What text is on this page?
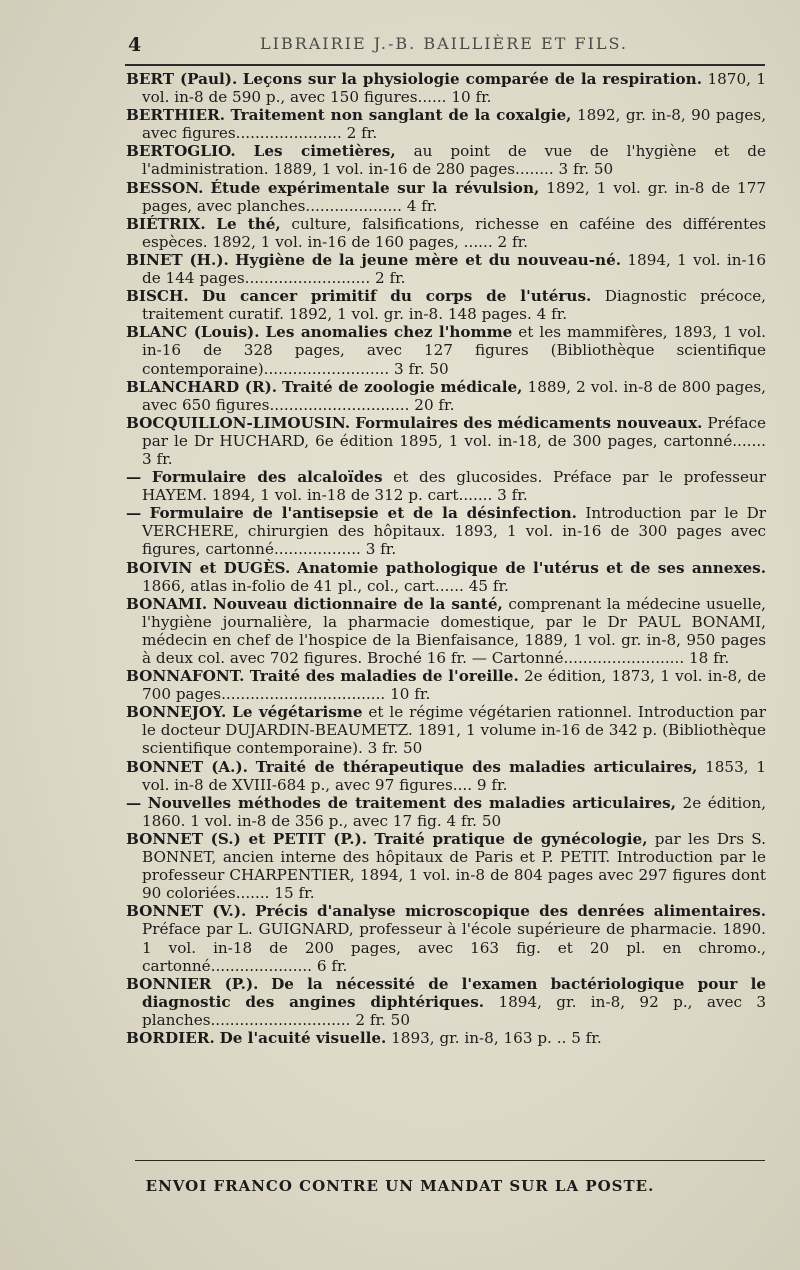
4	LIBRAIRIE J.-B. BAILLIÈRE ET FILS.

BERT (Paul). Leçons sur la physiologie comparée de la respiration. 1870, 1 vol. in-8 de 590 p., avec 150 figures...... 10 fr.

BERTHIER. Traitement non sanglant de la coxalgie, 1892, gr. in-8, 90 pages, avec figures...................... 2 fr.

BERTOGLIO. Les cimetières, au point de vue de l'hygiène et de l'administration. 1889, 1 vol. in-16 de 280 pages........ 3 fr. 50

BESSON. Étude expérimentale sur la révulsion, 1892, 1 vol. gr. in-8 de 177 pages, avec planches.................... 4 fr.

BIÉTRIX. Le thé, culture, falsifications, richesse en caféine des différentes espèces. 1892, 1 vol. in-16 de 160 pages, ...... 2 fr.

BINET (H.). Hygiène de la jeune mère et du nouveau-né. 1894, 1 vol. in-16 de 144 pages.......................... 2 fr.

BISCH. Du cancer primitif du corps de l'utérus. Diagnostic précoce, traitement curatif. 1892, 1 vol. gr. in-8. 148 pages. 4 fr.

BLANC (Louis). Les anomalies chez l'homme et les mammifères, 1893, 1 vol. in-16 de 328 pages, avec 127 figures (Bibliothèque scientifique contemporaine).......................... 3 fr. 50

BLANCHARD (R). Traité de zoologie médicale, 1889, 2 vol. in-8 de 800 pages, avec 650 figures............................. 20 fr.

BOCQUILLON-LIMOUSIN. Formulaires des médicaments nouveaux. Préface par le Dr HUCHARD, 6e édition 1895, 1 vol. in-18, de 300 pages, cartonné....... 3 fr.

— Formulaire des alcaloïdes et des glucosides. Préface par le professeur HAYEM. 1894, 1 vol. in-18 de 312 p. cart....... 3 fr.

— Formulaire de l'antisepsie et de la désinfection. Introduction par le Dr VERCHERE, chirurgien des hôpitaux. 1893, 1 vol. in-16 de 300 pages avec figures, cartonné.................. 3 fr.

BOIVIN et DUGÈS. Anatomie pathologique de l'utérus et de ses annexes. 1866, atlas in-folio de 41 pl., col., cart...... 45 fr.

BONAMI. Nouveau dictionnaire de la santé, comprenant la médecine usuelle, l'hygiène journalière, la pharmacie domestique, par le Dr PAUL BONAMI, médecin en chef de l'hospice de la Bienfaisance, 1889, 1 vol. gr. in-8, 950 pages à deux col. avec 702 figures. Broché 16 fr. — Cartonné......................... 18 fr.

BONNAFONT. Traité des maladies de l'oreille. 2e édition, 1873, 1 vol. in-8, de 700 pages.................................. 10 fr.

BONNEJOY. Le végétarisme et le régime végétarien rationnel. Introduction par le docteur DUJARDIN-BEAUMETZ. 1891, 1 volume in-16 de 342 p. (Bibliothèque scientifique contemporaine). 3 fr. 50

BONNET (A.). Traité de thérapeutique des maladies articulaires, 1853, 1 vol. in-8 de XVIII-684 p., avec 97 figures.... 9 fr.

— Nouvelles méthodes de traitement des maladies articulaires, 2e édition, 1860. 1 vol. in-8 de 356 p., avec 17 fig. 4 fr. 50

BONNET (S.) et PETIT (P.). Traité pratique de gynécologie, par les Drs S. BONNET, ancien interne des hôpitaux de Paris et P. PETIT. Introduction par le professeur CHARPENTIER, 1894, 1 vol. in-8 de 804 pages avec 297 figures dont 90 coloriées....... 15 fr.

BONNET (V.). Précis d'analyse microscopique des denrées alimentaires. Préface par L. GUIGNARD, professeur à l'école supérieure de pharmacie. 1890. 1 vol. in-18 de 200 pages, avec 163 fig. et 20 pl. en chromo., cartonné..................... 6 fr.

BONNIER (P.). De la nécessité de l'examen bactériologique pour le diagnostic des angines diphtériques. 1894, gr. in-8, 92 p., avec 3 planches............................. 2 fr. 50

BORDIER. De l'acuité visuelle. 1893, gr. in-8, 163 p. .. 5 fr.

ENVOI FRANCO CONTRE UN MANDAT SUR LA POSTE.
